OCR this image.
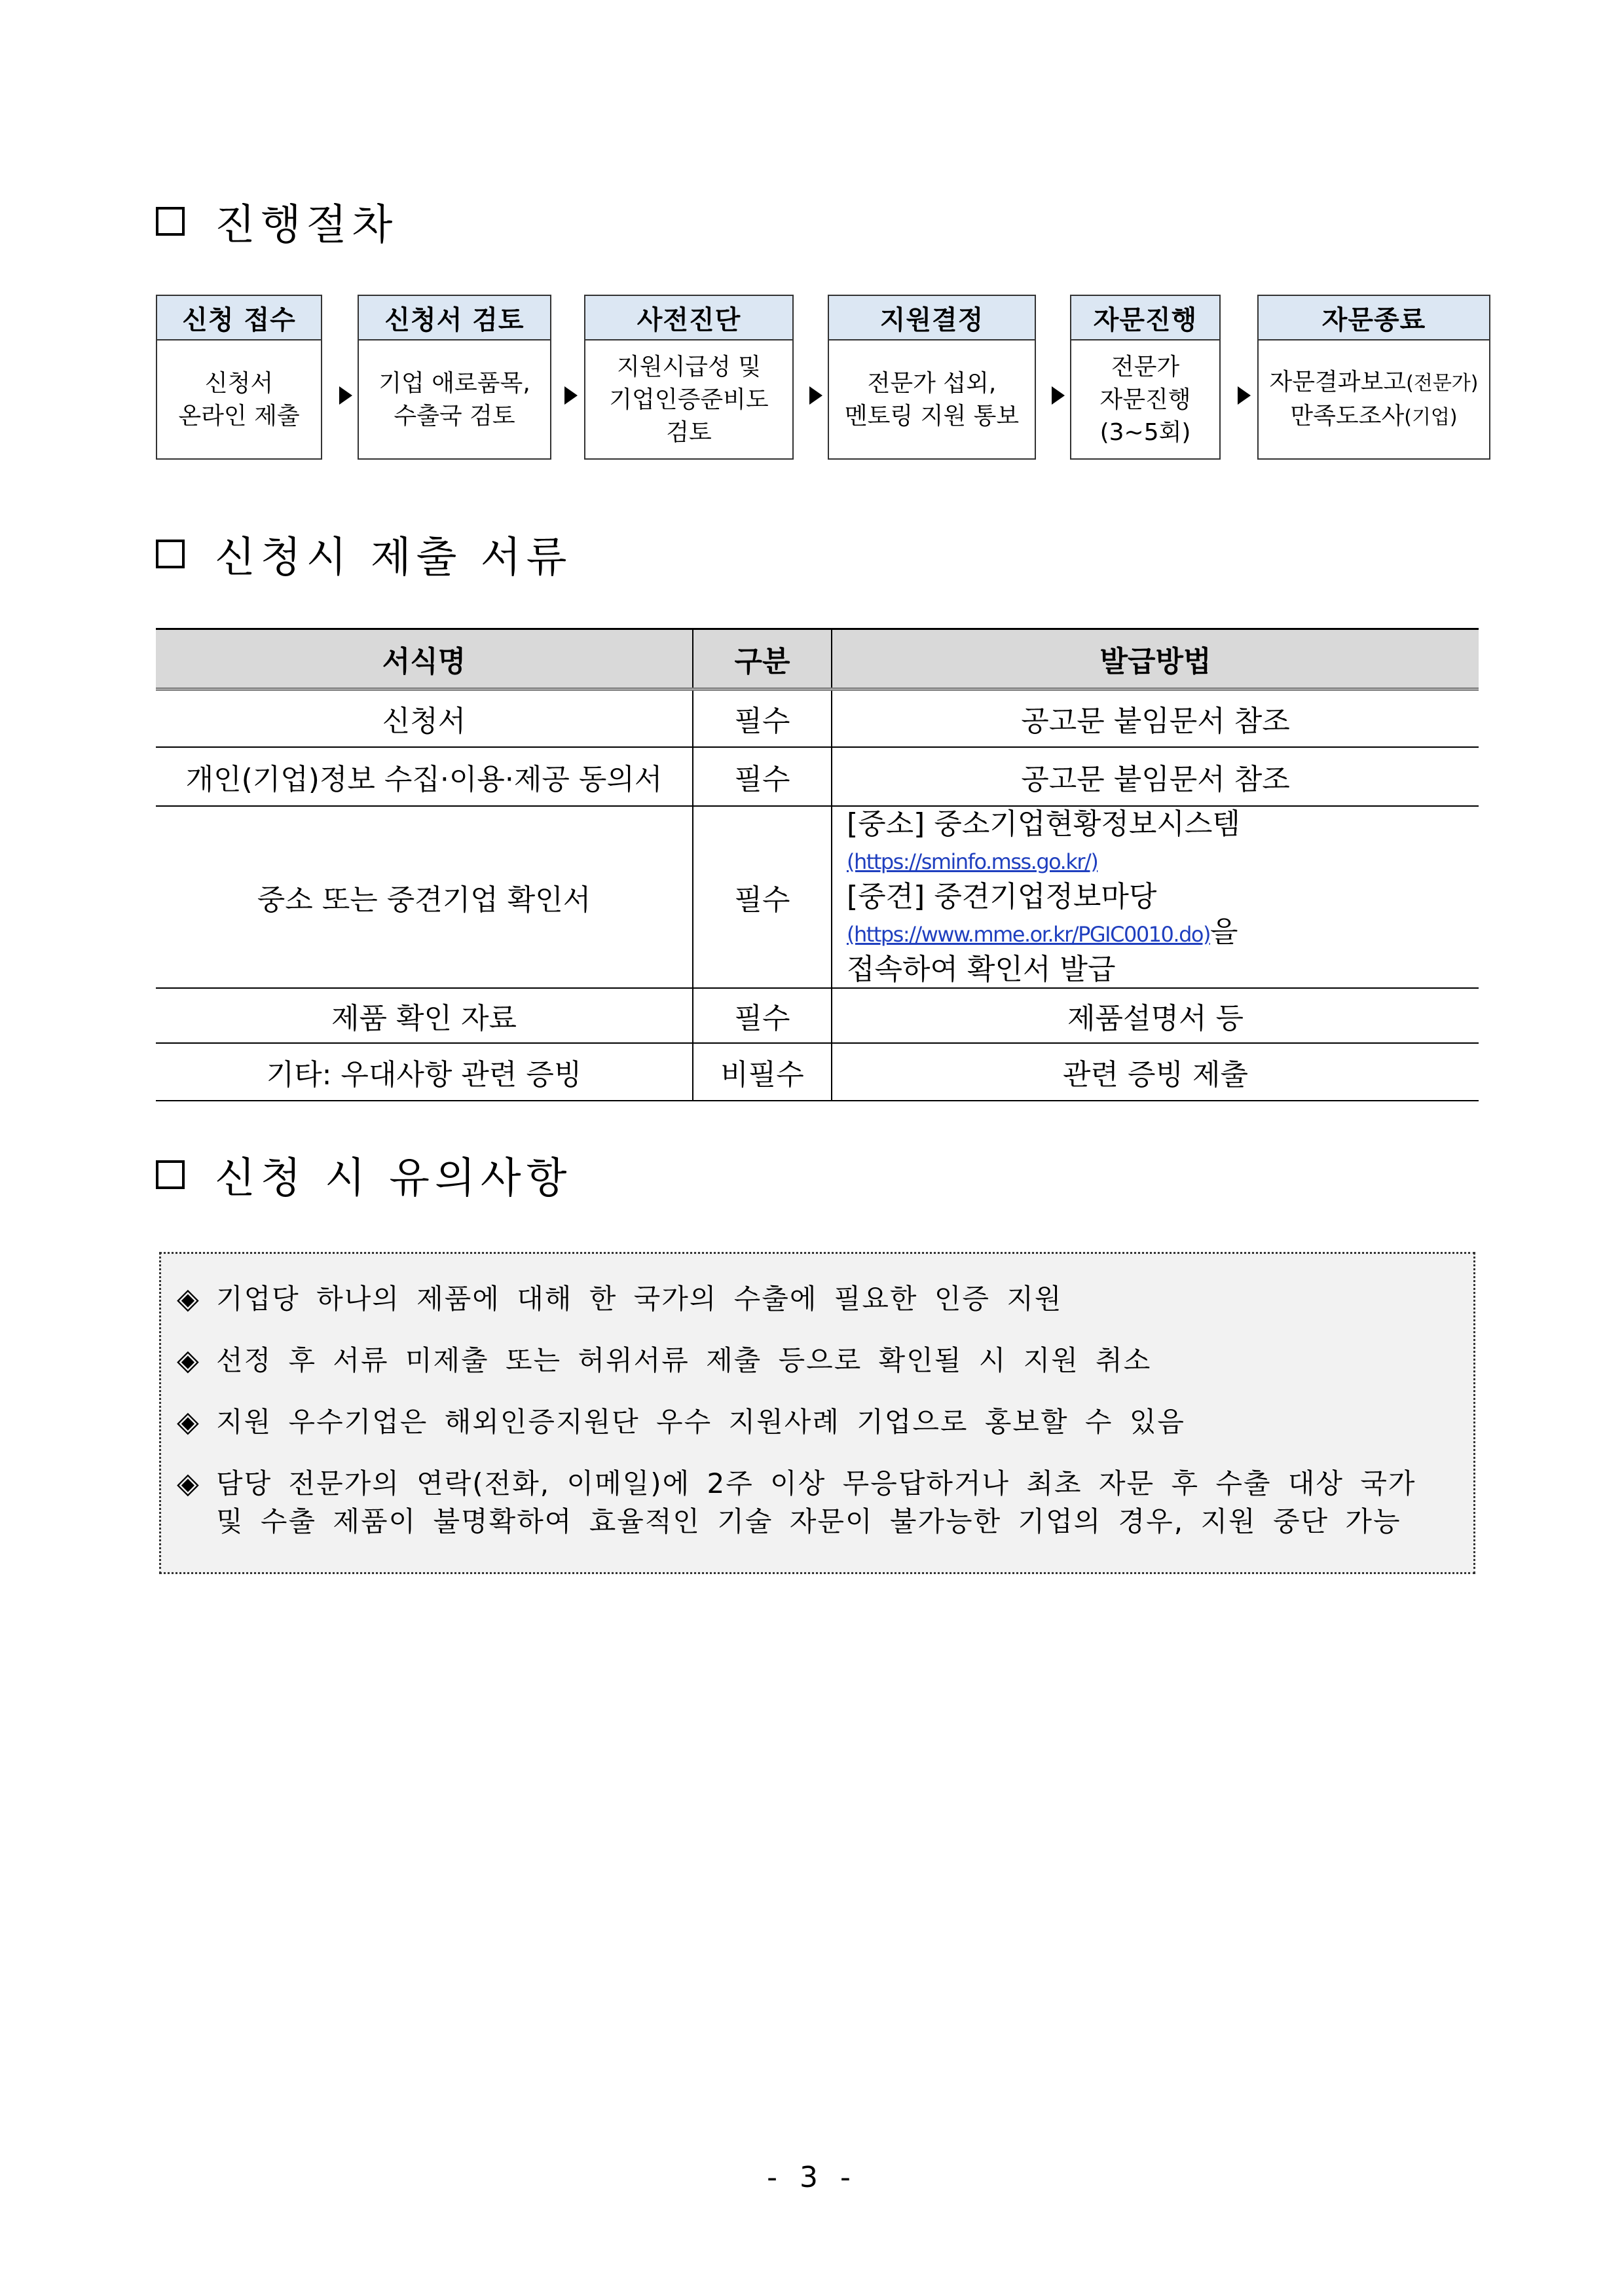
진행절차
신청 접수
신청서
온라인 제출
신청서 검토
기업 애로품목,
수출국 검토
사전진단
지원시급성 및
기업인증준비도
검토
지원결정
전문가 섭외,
멘토링 지원 통보
자문진행
전문가
자문진행
(3~5회)
자문종료
자문결과보고(전문가)
만족도조사(기업)
신청시 제출 서류
서식명	구분	발급방법
신청서	필수	공고문 붙임문서 참조
개인(기업)정보 수집·이용·제공 동의서	필수	공고문 붙임문서 참조
중소 또는 중견기업 확인서	필수	[중소] 중소기업현황정보시스템(https://sminfo.mss.go.kr/)
[중견] 중견기업정보마당(https://www.mme.or.kr/PGIC0010.do)을
접속하여 확인서 발급

제품 확인 자료	필수	제품설명서 등
기타: 우대사항 관련 증빙	비필수	관련 증빙 제출
신청 시 유의사항
◈ 기업당 하나의 제품에 대해 한 국가의 수출에 필요한 인증 지원
◈ 선정 후 서류 미제출 또는 허위서류 제출 등으로 확인될 시 지원 취소
◈ 지원 우수기업은 해외인증지원단 우수 지원사례 기업으로 홍보할 수 있음
◈ 담당 전문가의 연락(전화, 이메일)에 2주 이상 무응답하거나 최초 자문 후 수출 대상 국가 및 수출 제품이 불명확하여 효율적인 기술 자문이 불가능한 기업의 경우, 지원 중단 가능
- 3 -
